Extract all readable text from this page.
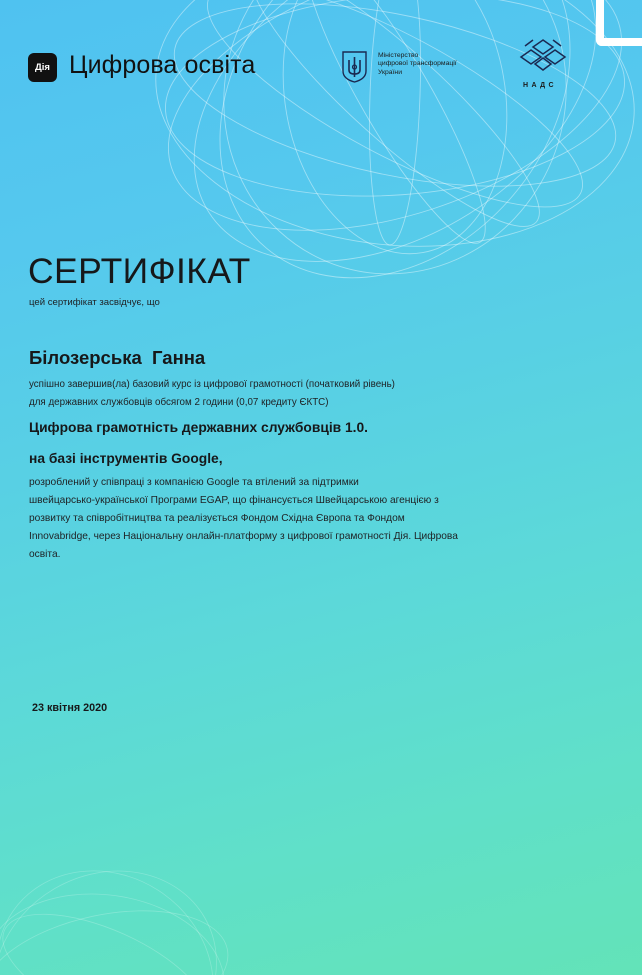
Дія Цифрова освіта	Міністерство
цифрової трансформації
України
НАДС
СЕРТИФІКАТ
цей сертифікат засвідчує, що
Білозерська  Ганна
успішно завершив(ла) базовий курс із цифрової грамотності (початковий рівень)
для державних службовців обсягом 2 години (0,07 кредиту ЄКТС)
Цифрова грамотність державних службовців 1.0.
на базі інструментів Google,
розроблений у співпраці з компанією Google та втілений за підтримки
швейцарсько-української Програми EGAP, що фінансується Швейцарською агенцією з
розвитку та співробітництва та реалізується Фондом Східна Європа та Фондом
Innovabridge, через Національну онлайн-платформу з цифрової грамотності Дія. Цифрова
освіта.
23 квітня 2020
